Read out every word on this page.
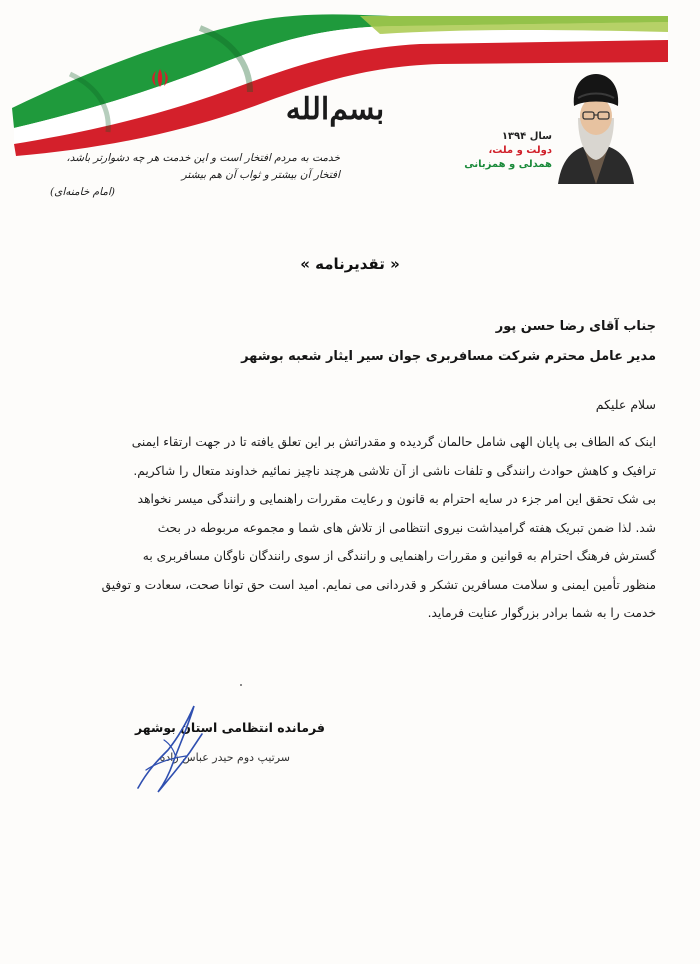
بسم‌الله
خدمت به مردم افتخار است و این خدمت هر چه دشوارتر باشد، افتخار آن بیشتر و ثواب آن هم بیشتر
(امام خامنه‌ای)
سال ۱۳۹۴
دولت و ملت،
همدلی و همزبانی
« تقدیرنامه »
جناب آقای رضا حسن پور
مدیر عامل محترم شرکت مسافربری جوان سیر ایثار شعبه بوشهر
سلام علیکم

اینک که الطاف بی پایان الهی شامل حالمان گردیده و مقدراتش بر این تعلق یافته تا در جهت ارتقاء ایمنی

ترافیک و کاهش حوادث رانندگی و تلفات ناشی از آن تلاشی هرچند ناچیز نمائیم خداوند متعال را شاکریم.

بی شک تحقق این امر جزء در سایه احترام به قانون و رعایت مقررات راهنمایی و رانندگی میسر نخواهد

شد. لذا ضمن تبریک هفته گرامیداشت نیروی انتظامی از تلاش های شما و مجموعه مربوطه در بحث

گسترش فرهنگ احترام به قوانین و مقررات راهنمایی و رانندگی از سوی رانندگان ناوگان مسافربری به

منظور تأمین ایمنی و سلامت مسافرین تشکر و قدردانی می نمایم. امید است حق توانا صحت، سعادت و توفیق

خدمت را به شما برادر بزرگوار عنایت فرماید.

فرمانده انتظامی استان بوشهر
سرتیپ دوم حیدر عباس زاده
